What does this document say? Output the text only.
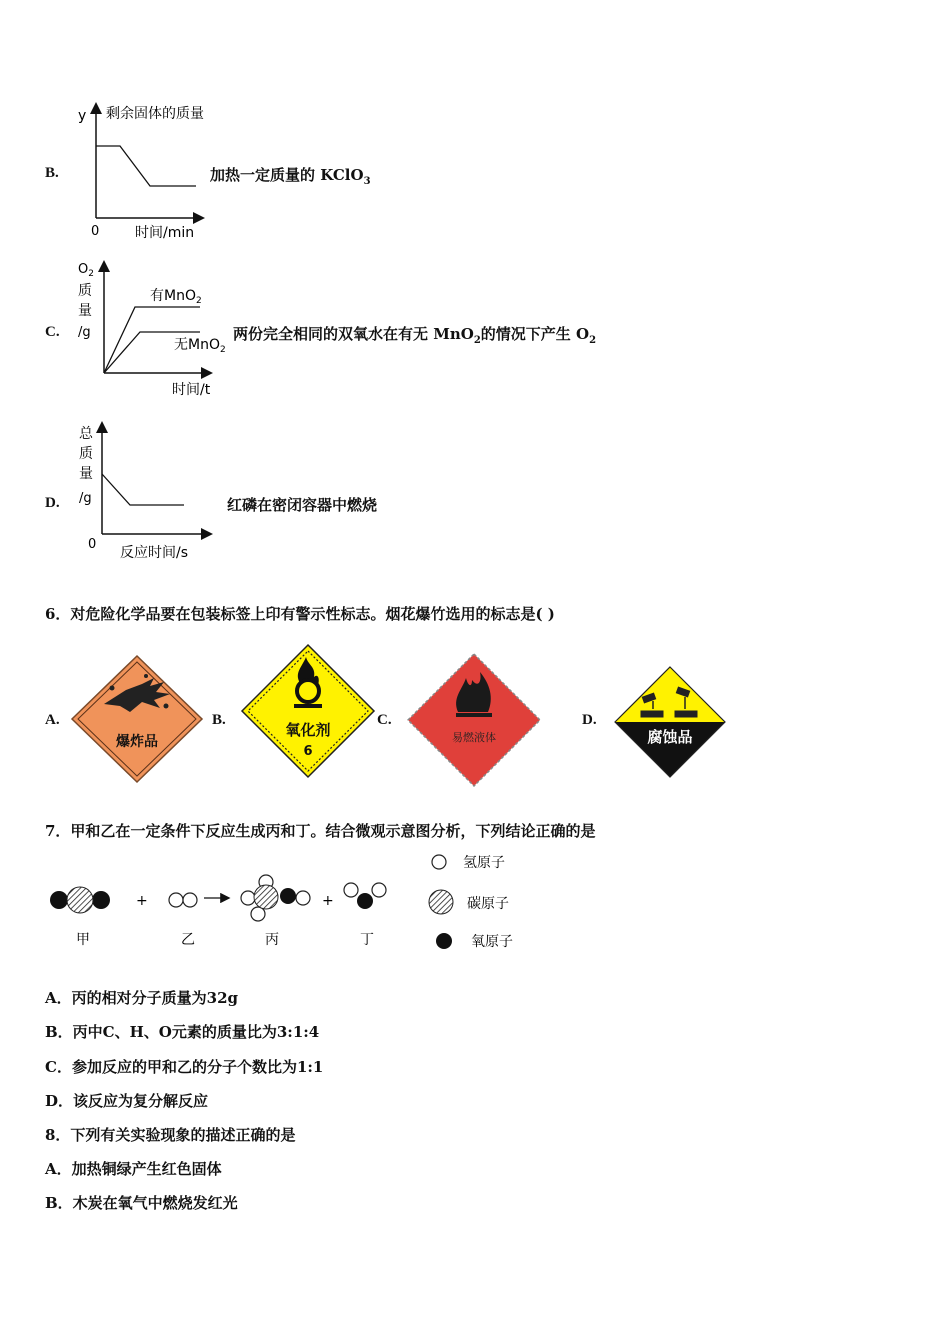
B.
y 剩余固体的质量
0	时间/min
加热一定质量的 KClO$_3$
C.
$O_2$
质
量
/g
有MnO$_2$
无MnO$_2$
时间/t
两份完全相同的双氧水在有无 MnO$_2$的情况下产生 $O_2$
D.
总
质
量
/g
0
反应时间/s
红磷在密闭容器中燃烧
6．对危险化学品要在包装标签上印有警示性标志。烟花爆竹选用的标志是( )
A.
爆炸品
B.
氧化剂
6
C.
易燃液体
D.
腐蚀品
7．甲和乙在一定条件下反应生成丙和丁。结合微观示意图分析，下列结论正确的是
+	+
甲	乙	丙	丁
氢原子
碳原子
氧原子
A．丙的相对分子质量为32g
B．丙中C、H、O元素的质量比为3:1:4
C．参加反应的甲和乙的分子个数比为1:1
D．该反应为复分解反应
8．下列有关实验现象的描述正确的是
A．加热铜绿产生红色固体
B．木炭在氧气中燃烧发红光
